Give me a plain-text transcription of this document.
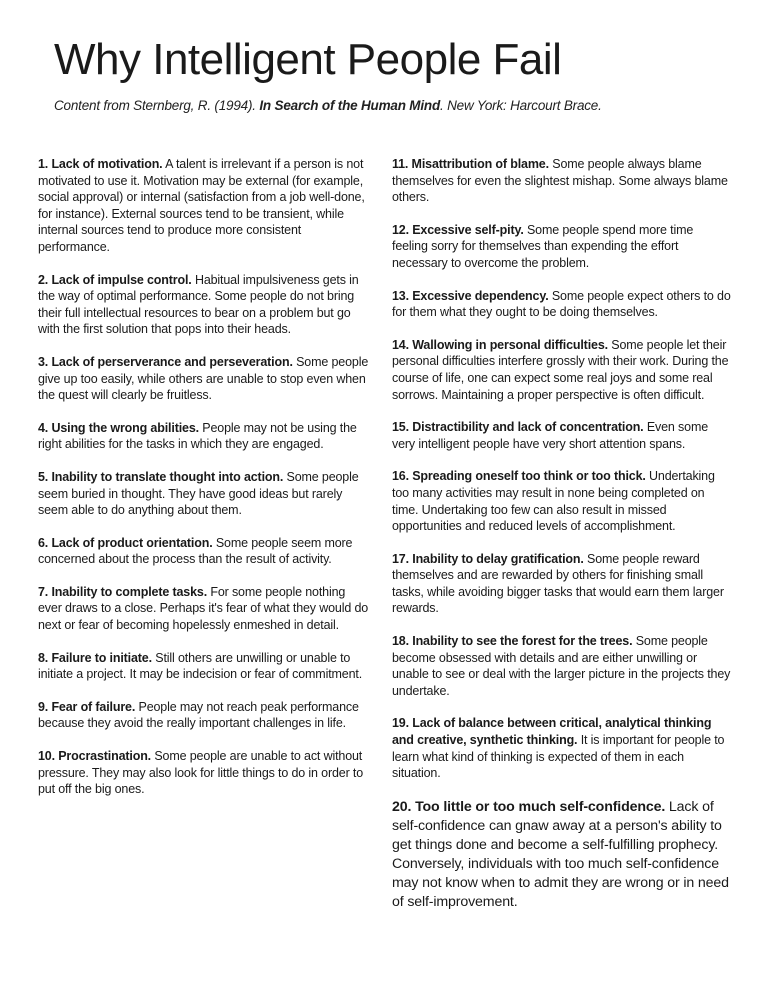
Why Intelligent People Fail
Content from Sternberg, R. (1994). In Search of the Human Mind. New York: Harcourt Brace.

1. Lack of motivation. A talent is irrelevant if a person is not motivated to use it. Motivation may be external (for example, social approval) or internal (satisfaction from a job well-done, for instance). External sources tend to be transient, while internal sources tend to produce more consistent performance.

2. Lack of impulse control. Habitual impulsiveness gets in the way of optimal performance. Some people do not bring their full intellectual resources to bear on a problem but go with the first solution that pops into their heads.

3. Lack of perserverance and perseveration. Some people give up too easily, while others are unable to stop even when the quest will clearly be fruitless.

4. Using the wrong abilities. People may not be using the right abilities for the tasks in which they are engaged.

5. Inability to translate thought into action. Some people seem buried in thought. They have good ideas but rarely seem able to do anything about them.

6. Lack of product orientation. Some people seem more concerned about the process than the result of activity.

7. Inability to complete tasks. For some people nothing ever draws to a close. Perhaps it's fear of what they would do next or fear of becoming hopelessly enmeshed in detail.

8. Failure to initiate. Still others are unwilling or unable to initiate a project. It may be indecision or fear of commitment.

9. Fear of failure. People may not reach peak performance because they avoid the really important challenges in life.

10. Procrastination. Some people are unable to act without pressure. They may also look for little things to do in order to put off the big ones.

11. Misattribution of blame. Some people always blame themselves for even the slightest mishap. Some always blame others.

12. Excessive self-pity. Some people spend more time feeling sorry for themselves than expending the effort necessary to overcome the problem.

13. Excessive dependency. Some people expect others to do for them what they ought to be doing themselves.

14. Wallowing in personal difficulties. Some people let their personal difficulties interfere grossly with their work. During the course of life, one can expect some real joys and some real sorrows. Maintaining a proper perspective is often difficult.

15. Distractibility and lack of concentration. Even some very intelligent people have very short attention spans.

16. Spreading oneself too think or too thick. Undertaking too many activities may result in none being completed on time. Undertaking too few can also result in missed opportunities and reduced levels of accomplishment.

17. Inability to delay gratification. Some people reward themselves and are rewarded by others for finishing small tasks, while avoiding bigger tasks that would earn them larger rewards.

18. Inability to see the forest for the trees. Some people become obsessed with details and are either unwilling or unable to see or deal with the larger picture in the projects they undertake.

19. Lack of balance between critical, analytical thinking and creative, synthetic thinking. It is important for people to learn what kind of thinking is expected of them in each situation.

20. Too little or too much self-confidence. Lack of self-confidence can gnaw away at a person's ability to get things done and become a self-fulfilling prophecy. Conversely, individuals with too much self-confidence may not know when to admit they are wrong or in need of self-improvement.
